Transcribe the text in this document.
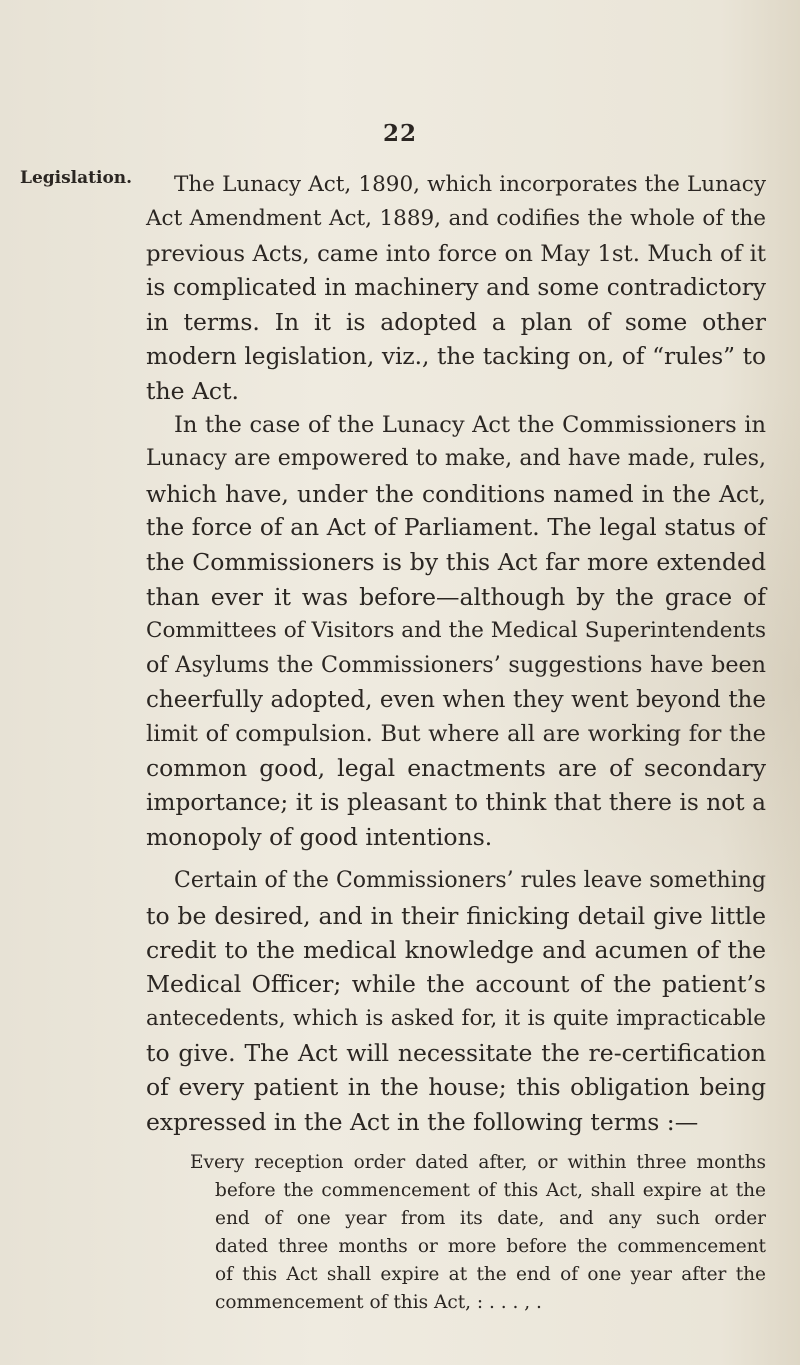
22
Legislation. The Lunacy Act, 1890, which incorporates the Lunacy
Act Amendment Act, 1889, and codifies the whole of the
previous Acts, came into force on May 1st. Much of it
is complicated in machinery and some contradictory
in terms. In it is adopted a plan of some other
modern legislation, viz., the tacking on, of “rules” to
the Act.
In the case of the Lunacy Act the Commissioners in
Lunacy are empowered to make, and have made, rules,
which have, under the conditions named in the Act,
the force of an Act of Parliament. The legal status of
the Commissioners is by this Act far more extended
than ever it was before—although by the grace of
Committees of Visitors and the Medical Superintendents
of Asylums the Commissioners’ suggestions have been
cheerfully adopted, even when they went beyond the
limit of compulsion. But where all are working for the
common good, legal enactments are of secondary
importance; it is pleasant to think that there is not a
monopoly of good intentions.
Certain of the Commissioners’ rules leave something
to be desired, and in their finicking detail give little
credit to the medical knowledge and acumen of the
Medical Officer; while the account of the patient’s
antecedents, which is asked for, it is quite impracticable
to give. The Act will necessitate the re-certification
of every patient in the house; this obligation being
expressed in the Act in the following terms :—
Every reception order dated after, or within three months
before the commencement of this Act, shall expire at the
end of one year from its date, and any such order
dated three months or more before the commencement
of this Act shall expire at the end of one year after the
commencement of this Act, : . . . , .
